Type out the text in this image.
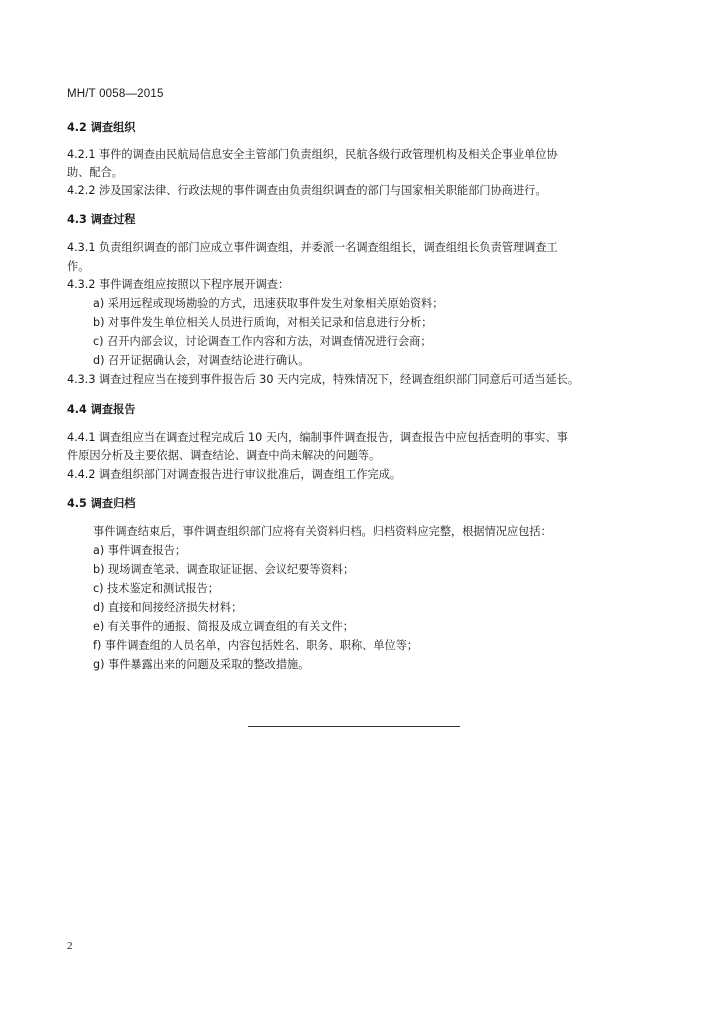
MH/T 0058—2015
4.2 调查组织
4.2.1 事件的调查由民航局信息安全主管部门负责组织，民航各级行政管理机构及相关企事业单位协
助、配合。
4.2.2 涉及国家法律、行政法规的事件调查由负责组织调查的部门与国家相关职能部门协商进行。
4.3 调查过程
4.3.1 负责组织调查的部门应成立事件调查组，并委派一名调查组组长，调查组组长负责管理调查工
作。
4.3.2 事件调查组应按照以下程序展开调查：
a) 采用远程或现场勘验的方式，迅速获取事件发生对象相关原始资料；
b) 对事件发生单位相关人员进行质询，对相关记录和信息进行分析；
c) 召开内部会议，讨论调查工作内容和方法，对调查情况进行会商；
d) 召开证据确认会，对调查结论进行确认。
4.3.3 调查过程应当在接到事件报告后 30 天内完成，特殊情况下，经调查组织部门同意后可适当延长。
4.4 调查报告
4.4.1 调查组应当在调查过程完成后 10 天内，编制事件调查报告，调查报告中应包括查明的事实、事
件原因分析及主要依据、调查结论、调查中尚未解决的问题等。
4.4.2 调查组织部门对调查报告进行审议批准后，调查组工作完成。
4.5 调查归档
事件调查结束后，事件调查组织部门应将有关资料归档。归档资料应完整，根据情况应包括：
a) 事件调查报告；
b) 现场调查笔录、调查取证证据、会议纪要等资料；
c) 技术鉴定和测试报告；
d) 直接和间接经济损失材料；
e) 有关事件的通报、简报及成立调查组的有关文件；
f) 事件调查组的人员名单，内容包括姓名、职务、职称、单位等；
g) 事件暴露出来的问题及采取的整改措施。
2
